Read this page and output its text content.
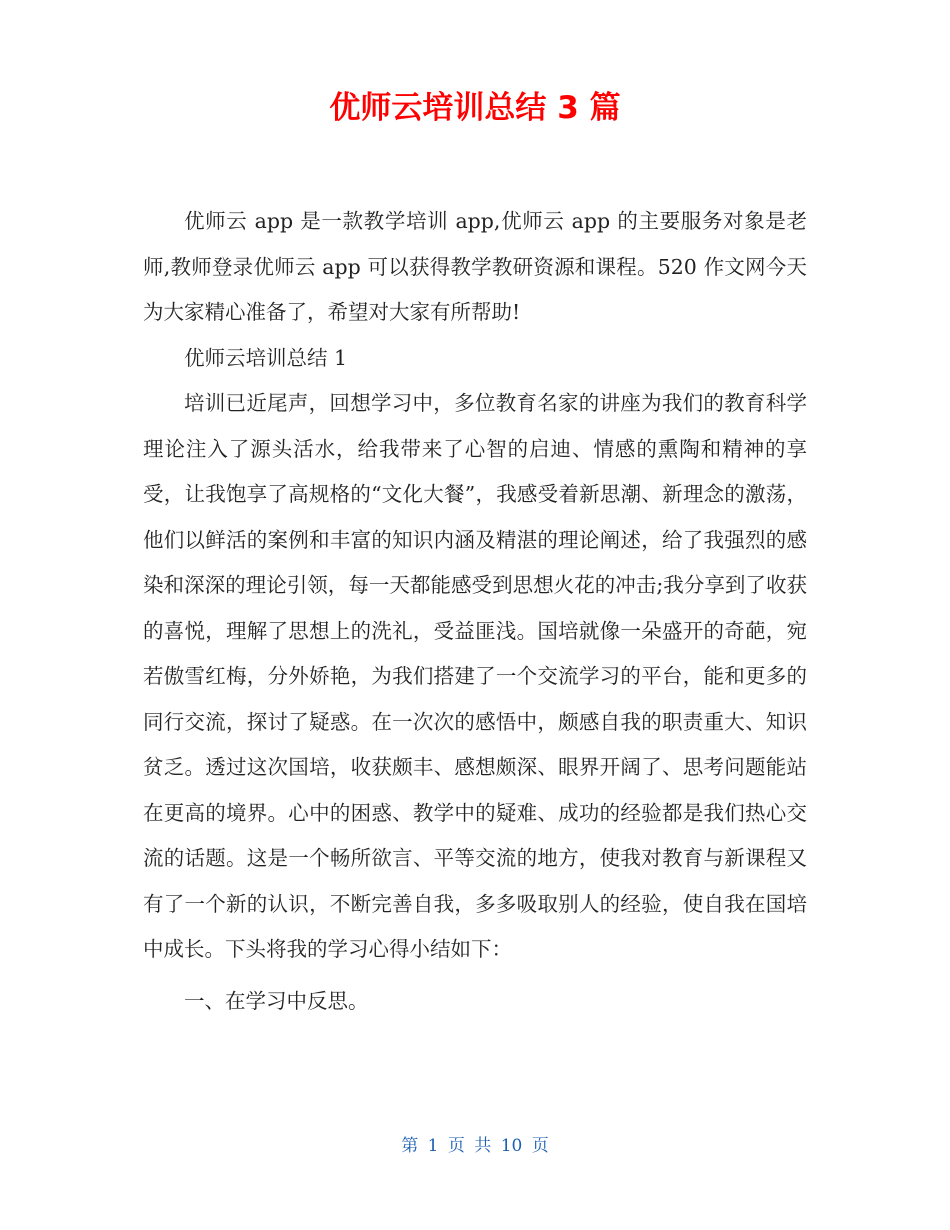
优师云培训总结 3 篇

优师云 app 是一款教学培训 app,优师云 app 的主要服务对象是老师,教师登录优师云 app 可以获得教学教研资源和课程。520 作文网今天为大家精心准备了，希望对大家有所帮助!

优师云培训总结 1

培训已近尾声，回想学习中，多位教育名家的讲座为我们的教育科学理论注入了源头活水，给我带来了心智的启迪、情感的熏陶和精神的享受，让我饱享了高规格的“文化大餐”，我感受着新思潮、新理念的激荡，他们以鲜活的案例和丰富的知识内涵及精湛的理论阐述，给了我强烈的感染和深深的理论引领，每一天都能感受到思想火花的冲击;我分享到了收获的喜悦，理解了思想上的洗礼，受益匪浅。国培就像一朵盛开的奇葩，宛若傲雪红梅，分外娇艳，为我们搭建了一个交流学习的平台，能和更多的同行交流，探讨了疑惑。在一次次的感悟中，颇感自我的职责重大、知识贫乏。透过这次国培，收获颇丰、感想颇深、眼界开阔了、思考问题能站在更高的境界。心中的困惑、教学中的疑难、成功的经验都是我们热心交流的话题。这是一个畅所欲言、平等交流的地方，使我对教育与新课程又有了一个新的认识，不断完善自我，多多吸取别人的经验，使自我在国培中成长。下头将我的学习心得小结如下：

一、在学习中反思。

第 1 页 共 10 页
